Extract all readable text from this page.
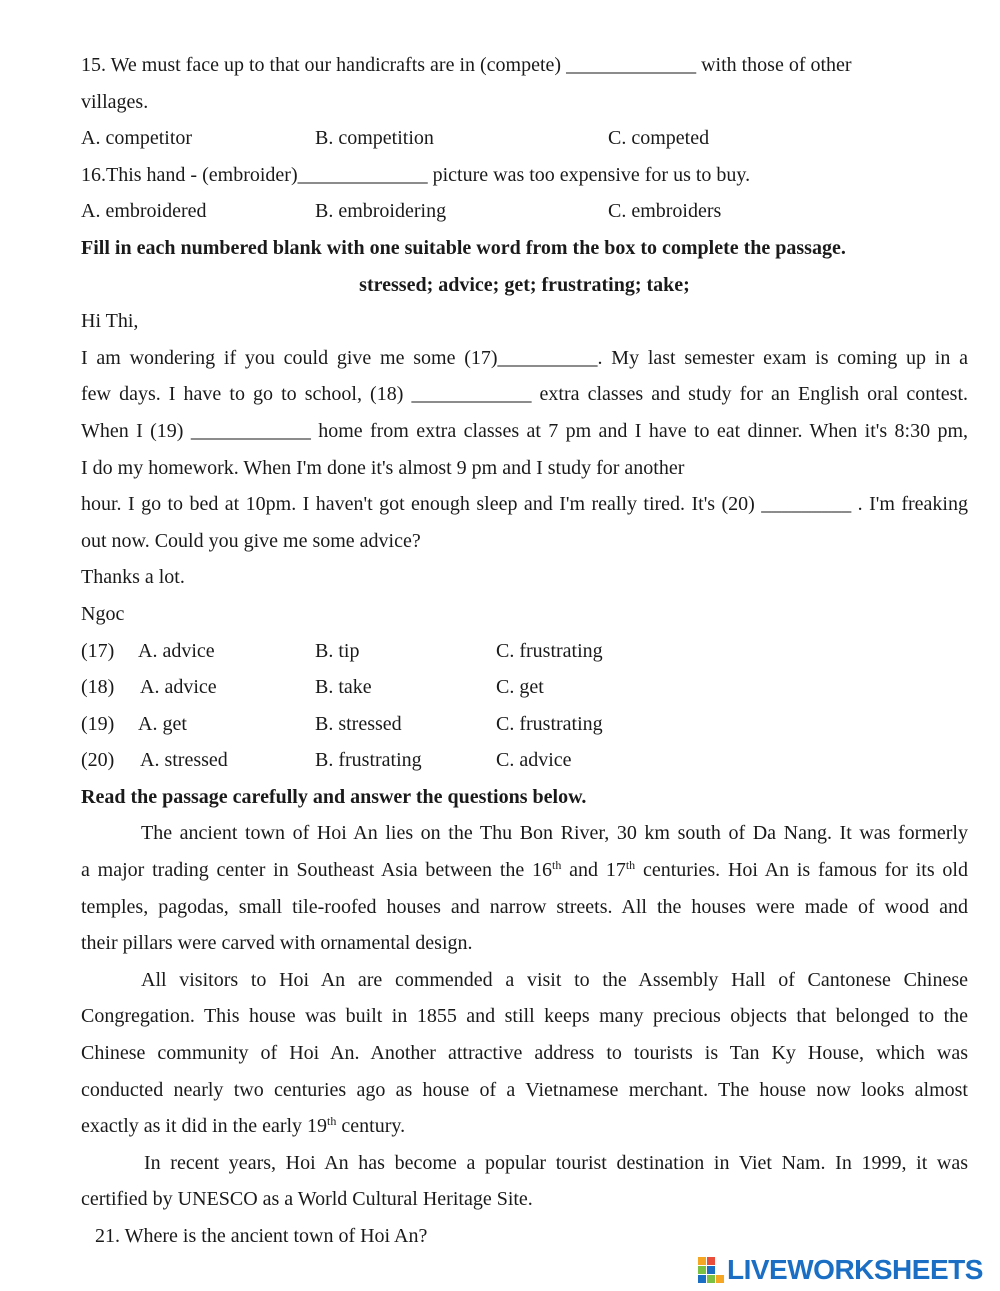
15. We must face up to that our handicrafts are in (compete) _____________ with those of other
villages.
A. competitor	B. competition	C. competed
16.This hand - (embroider)_____________ picture was too expensive for us to buy.
A. embroidered	B. embroidering	C. embroiders
Fill in each numbered blank with one suitable word from the box to complete the passage.
stressed; advice; get; frustrating; take;
Hi Thi,
I am wondering if you could give me some (17)__________. My last semester exam is coming up in a
few days. I have to go to school, (18) ____________ extra classes and study for an English oral contest.
When I (19) ____________ home from extra classes at 7 pm and I have to eat dinner. When it's 8:30 pm,
I do my homework. When I'm done it's almost 9 pm and I study for another
hour. I go to bed at 10pm. I haven't got enough sleep and I'm really tired. It's (20) _________ . I'm freaking
out now. Could you give me some advice?
Thanks a lot.
Ngoc
(17) A. advice	B. tip	C. frustrating
(18) A. advice	B. take	C. get
(19) A. get	B. stressed	C. frustrating
(20) A. stressed	B. frustrating	C. advice
Read the passage carefully and answer the questions below.
The ancient town of Hoi An lies on the Thu Bon River, 30 km south of Da Nang. It was formerly
a major trading center in Southeast Asia between the 16th and 17th centuries. Hoi An is famous for its old
temples, pagodas, small tile-roofed houses and narrow streets. All the houses were made of wood and
their pillars were carved with ornamental design.
All visitors to Hoi An are commended a visit to the Assembly Hall of Cantonese Chinese
Congregation. This house was built in 1855 and still keeps many precious objects that belonged to the
Chinese community of Hoi An. Another attractive address to tourists is Tan Ky House, which was
conducted nearly two centuries ago as house of a Vietnamese merchant. The house now looks almost
exactly as it did in the early 19th century.
In recent years, Hoi An has become a popular tourist destination in Viet Nam. In 1999, it was
certified by UNESCO as a World Cultural Heritage Site.
21. Where is the ancient town of Hoi An?
LIVEWORKSHEETS
